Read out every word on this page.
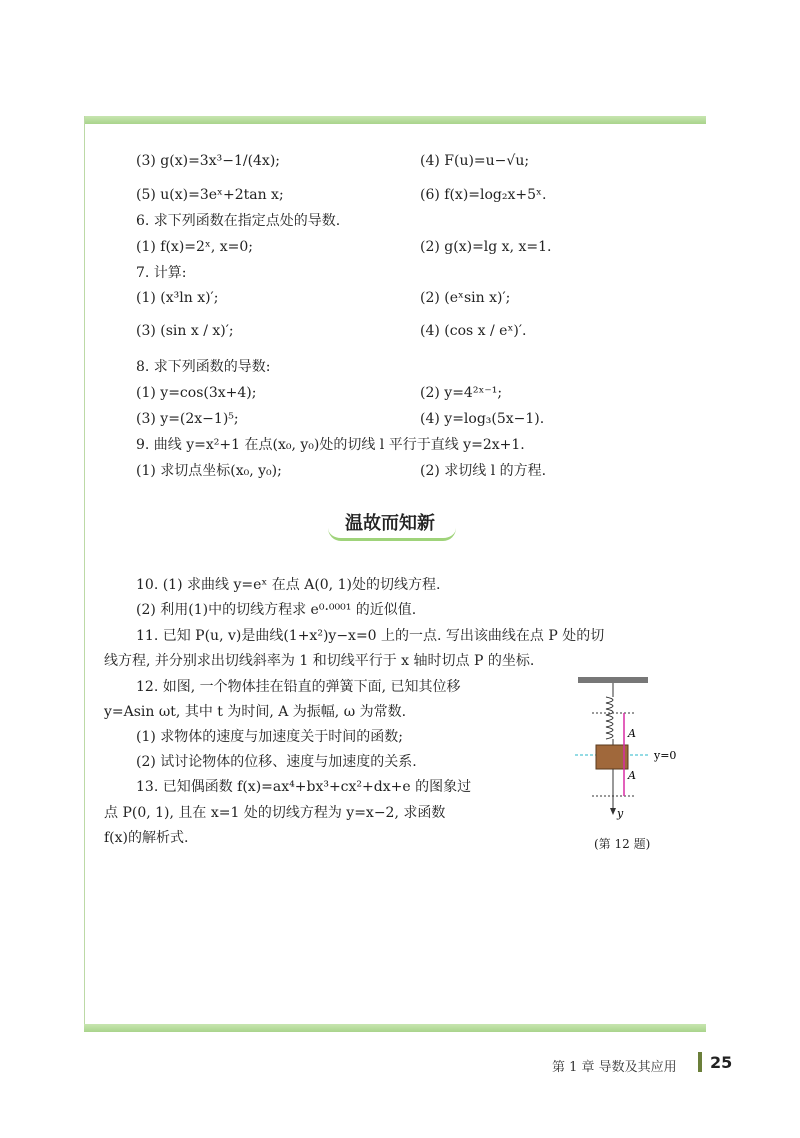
(3) g(x)=3x³−1/(4x);	(4) F(u)=u−√u;
(5) u(x)=3eˣ+2tan x;	(6) f(x)=log₂x+5ˣ.
6. 求下列函数在指定点处的导数.
(1) f(x)=2ˣ, x=0;	(2) g(x)=lg x, x=1.
7. 计算:
(1) (x³ln x)′;	(2) (eˣsin x)′;
(3) (sin x / x)′;	(4) (cos x / eˣ)′.
8. 求下列函数的导数:
(1) y=cos(3x+4);	(2) y=4²ˣ⁻¹;
(3) y=(2x−1)⁵;	(4) y=log₃(5x−1).
9. 曲线 y=x²+1 在点(x₀, y₀)处的切线 l 平行于直线 y=2x+1.
(1) 求切点坐标(x₀, y₀);	(2) 求切线 l 的方程.
温故而知新
10. (1) 求曲线 y=eˣ 在点 A(0, 1)处的切线方程.
(2) 利用(1)中的切线方程求 e⁰·⁰⁰⁰¹ 的近似值.
11. 已知 P(u, v)是曲线(1+x²)y−x=0 上的一点. 写出该曲线在点 P 处的切
线方程, 并分别求出切线斜率为 1 和切线平行于 x 轴时切点 P 的坐标.
12. 如图, 一个物体挂在铅直的弹簧下面, 已知其位移
y=Asin ωt, 其中 t 为时间, A 为振幅, ω 为常数.
(1) 求物体的速度与加速度关于时间的函数;
(2) 试讨论物体的位移、速度与加速度的关系.
13. 已知偶函数 f(x)=ax⁴+bx³+cx²+dx+e 的图象过
点 P(0, 1), 且在 x=1 处的切线方程为 y=x−2, 求函数
f(x)的解析式.
A
A
y=0
y
(第 12 题)
第 1 章 导数及其应用 25
